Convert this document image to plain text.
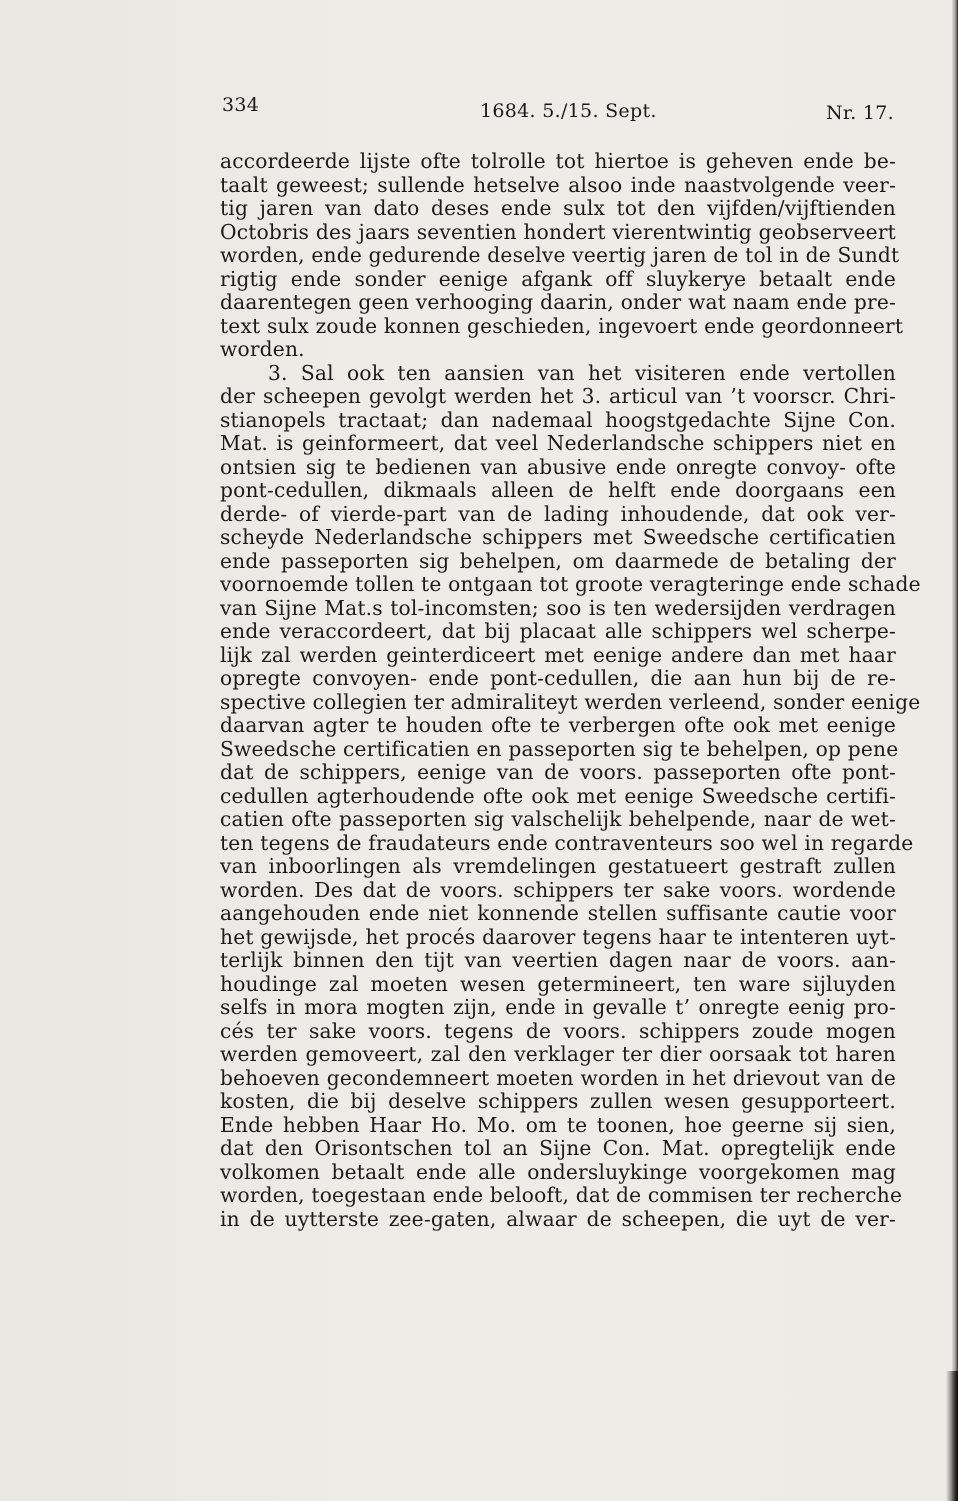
334	1684. 5./15. Sept.	Nr. 17.
accordeerde lijste ofte tolrolle tot hiertoe is geheven ende be-
taalt geweest; sullende hetselve alsoo inde naastvolgende veer-
tig jaren van dato deses ende sulx tot den vijfden/vijftienden
Octobris des jaars seventien hondert vierentwintig geobserveert
worden, ende gedurende deselve veertig jaren de tol in de Sundt
rigtig ende sonder eenige afgank off sluykerye betaalt ende
daarentegen geen verhooging daarin, onder wat naam ende pre-
text sulx zoude konnen geschieden, ingevoert ende geordonneert
worden.
3. Sal ook ten aansien van het visiteren ende vertollen
der scheepen gevolgt werden het 3. articul van ’t voorscr. Chri-
stianopels tractaat; dan nademaal hoogstgedachte Sijne Con.
Mat. is geinformeert, dat veel Nederlandsche schippers niet en
ontsien sig te bedienen van abusive ende onregte convoy- ofte
pont-cedullen, dikmaals alleen de helft ende doorgaans een
derde- of vierde-part van de lading inhoudende, dat ook ver-
scheyde Nederlandsche schippers met Sweedsche certificatien
ende passeporten sig behelpen, om daarmede de betaling der
voornoemde tollen te ontgaan tot groote veragteringe ende schade
van Sijne Mat.s tol-incomsten; soo is ten wedersijden verdragen
ende veraccordeert, dat bij placaat alle schippers wel scherpe-
lijk zal werden geinterdiceert met eenige andere dan met haar
opregte convoyen- ende pont-cedullen, die aan hun bij de re-
spective collegien ter admiraliteyt werden verleend, sonder eenige
daarvan agter te houden ofte te verbergen ofte ook met eenige
Sweedsche certificatien en passeporten sig te behelpen, op pene
dat de schippers, eenige van de voors. passeporten ofte pont-
cedullen agterhoudende ofte ook met eenige Sweedsche certifi-
catien ofte passeporten sig valschelijk behelpende, naar de wet-
ten tegens de fraudateurs ende contraventeurs soo wel in regarde
van inboorlingen als vremdelingen gestatueert gestraft zullen
worden. Des dat de voors. schippers ter sake voors. wordende
aangehouden ende niet konnende stellen suffisante cautie voor
het gewijsde, het procés daarover tegens haar te intenteren uyt-
terlijk binnen den tijt van veertien dagen naar de voors. aan-
houdinge zal moeten wesen getermineert, ten ware sijluyden
selfs in mora mogten zijn, ende in gevalle t’ onregte eenig pro-
cés ter sake voors. tegens de voors. schippers zoude mogen
werden gemoveert, zal den verklager ter dier oorsaak tot haren
behoeven gecondemneert moeten worden in het drievout van de
kosten, die bij deselve schippers zullen wesen gesupporteert.
Ende hebben Haar Ho. Mo. om te toonen, hoe geerne sij sien,
dat den Orisontschen tol an Sijne Con. Mat. opregtelijk ende
volkomen betaalt ende alle ondersluykinge voorgekomen mag
worden, toegestaan ende belooft, dat de commisen ter recherche
in de uytterste zee-gaten, alwaar de scheepen, die uyt de ver-
